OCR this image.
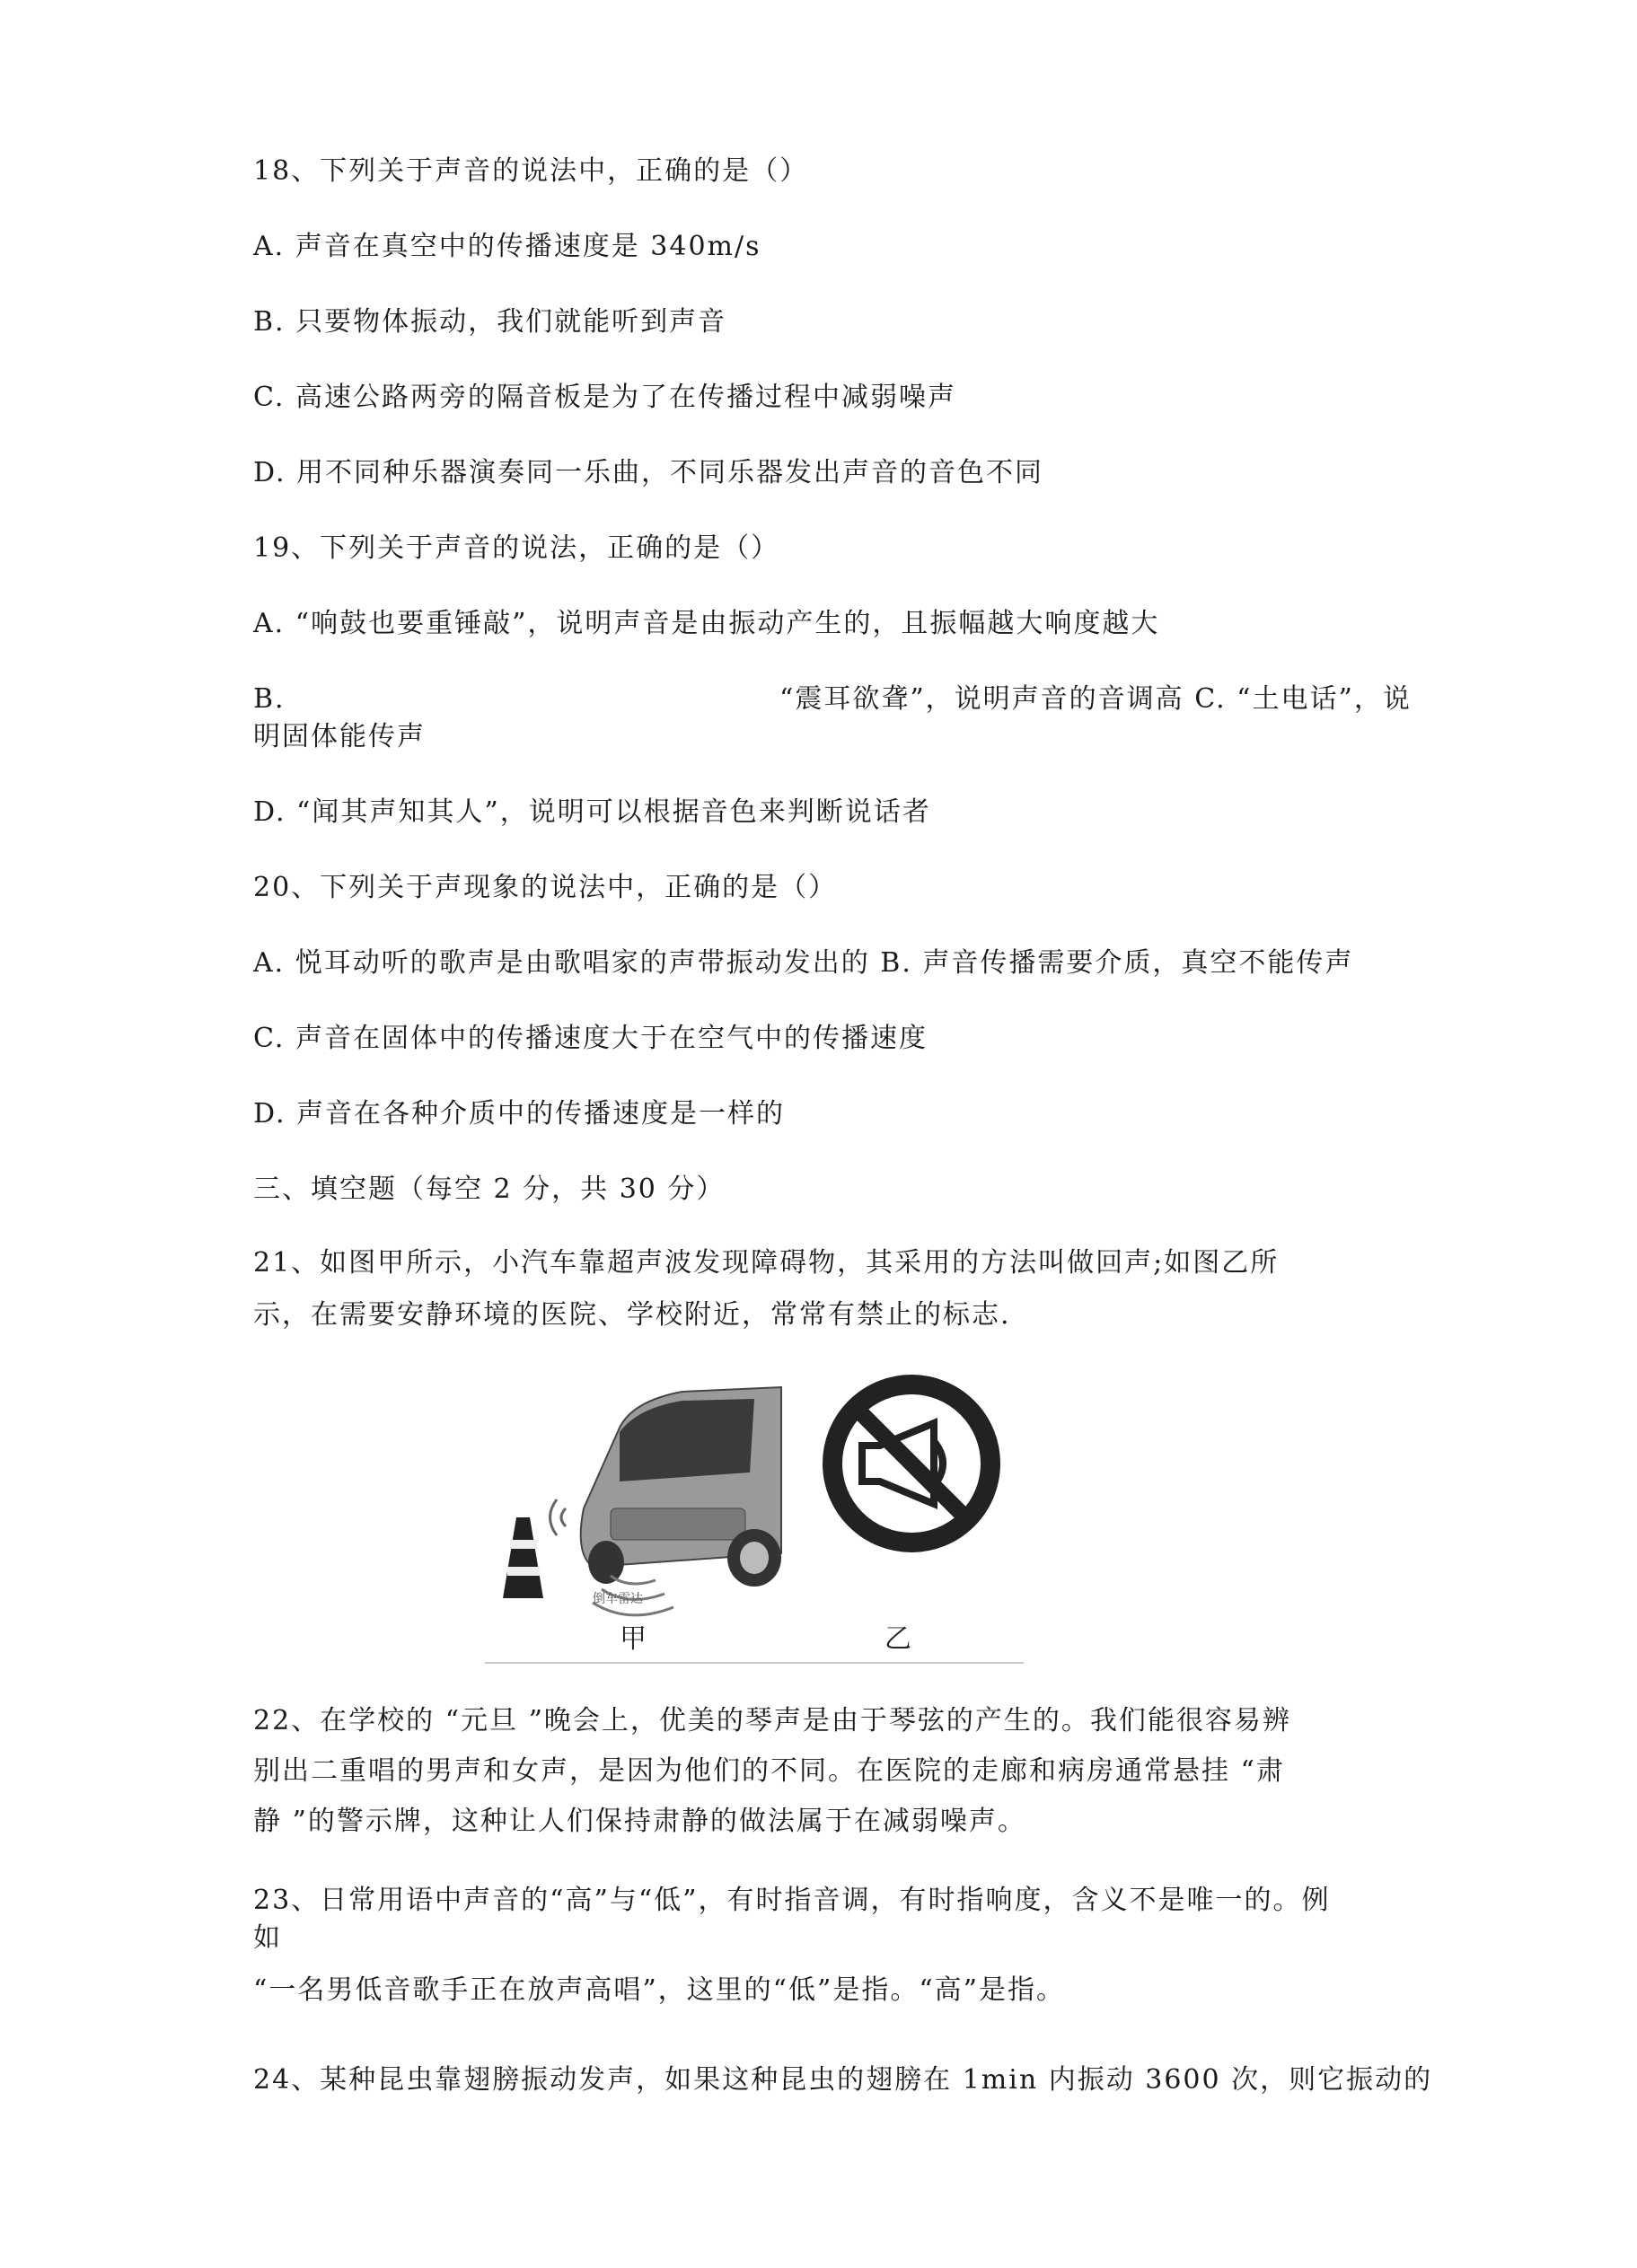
18、下列关于声音的说法中，正确的是（）

A. 声音在真空中的传播速度是 340m/s

B. 只要物体振动，我们就能听到声音

C. 高速公路两旁的隔音板是为了在传播过程中减弱噪声

D. 用不同种乐器演奏同一乐曲，不同乐器发出声音的音色不同

19、下列关于声音的说法，正确的是（）

A. “响鼓也要重锤敲”，说明声音是由振动产生的，且振幅越大响度越大

B.	“震耳欲聋”，说明声音的音调高 C. “土电话”，说

明固体能传声

D. “闻其声知其人”，说明可以根据音色来判断说话者

20、下列关于声现象的说法中，正确的是（）

A. 悦耳动听的歌声是由歌唱家的声带振动发出的 B. 声音传播需要介质，真空不能传声

C. 声音在固体中的传播速度大于在空气中的传播速度

D. 声音在各种介质中的传播速度是一样的

三、填空题（每空 2 分，共 30 分）

21、如图甲所示，小汽车靠超声波发现障碍物，其采用的方法叫做回声;如图乙所

示，在需要安静环境的医院、学校附近，常常有禁止的标志.

倒车雷达
甲	乙

22、在学校的 “元旦 ”晚会上，优美的琴声是由于琴弦的产生的。我们能很容易辨

别出二重唱的男声和女声，是因为他们的不同。在医院的走廊和病房通常悬挂 “肃

静 ”的警示牌，这种让人们保持肃静的做法属于在减弱噪声。

23、日常用语中声音的“高”与“低”，有时指音调，有时指响度，含义不是唯一的。例

如

“一名男低音歌手正在放声高唱”，这里的“低”是指。“高”是指。

24、某种昆虫靠翅膀振动发声，如果这种昆虫的翅膀在 1min 内振动 3600 次，则它振动的
